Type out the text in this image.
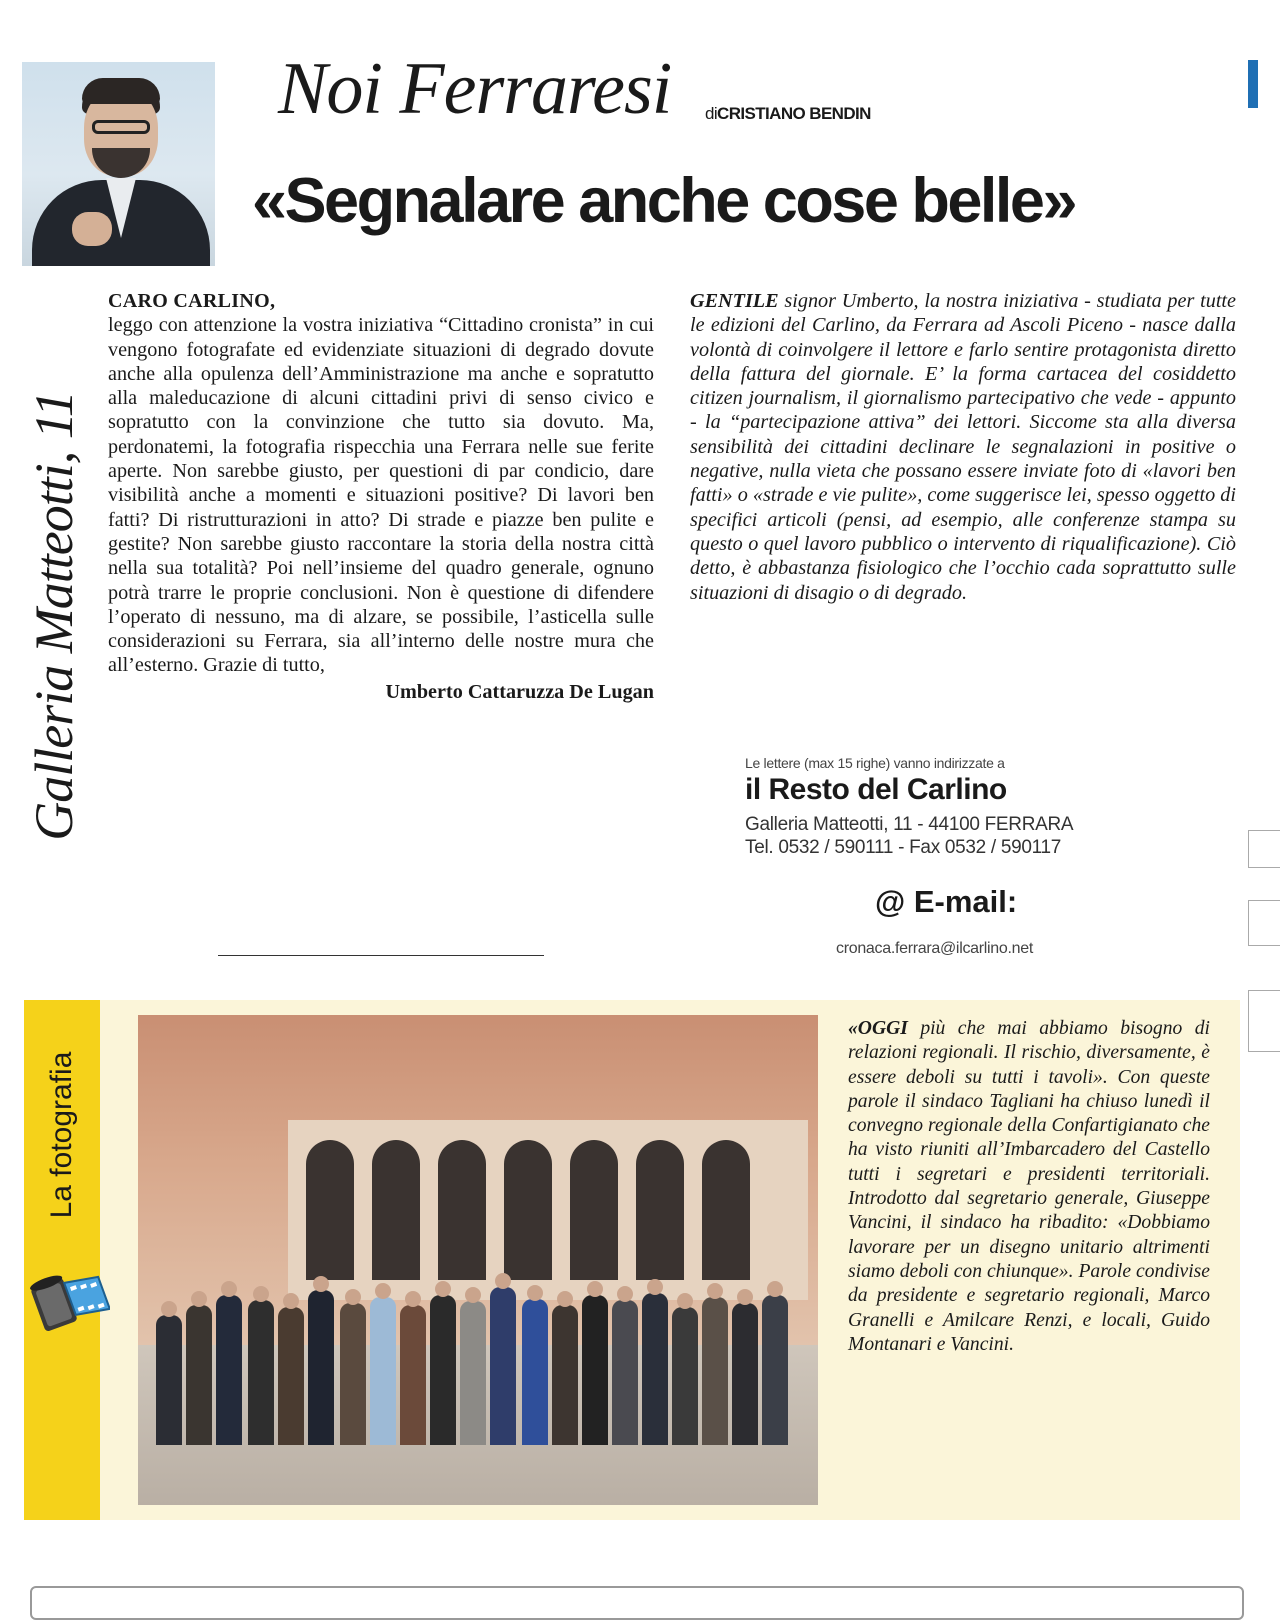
Noi Ferraresi diCRISTIANO BENDIN
«Segnalare anche cose belle»
Galleria Matteotti, 11
CARO CARLINO,
leggo con attenzione la vostra iniziativa “Cittadino cronista” in cui vengono fotografate ed evidenziate situazioni di degrado dovute anche alla opulenza dell’Amministrazione ma anche e sopratutto alla maleducazione di alcuni cittadini privi di senso civico e sopratutto con la convinzione che tutto sia dovuto. Ma, perdonatemi, la fotografia rispecchia una Ferrara nelle sue ferite aperte. Non sarebbe giusto, per questioni di par condicio, dare visibilità anche a momenti e situazioni positive? Di lavori ben fatti? Di ristrutturazioni in atto? Di strade e piazze ben pulite e gestite? Non sarebbe giusto raccontare la storia della nostra città nella sua totalità? Poi nell’insieme del quadro generale, ognuno potrà trarre le proprie conclusioni. Non è questione di difendere l’operato di nessuno, ma di alzare, se possibile, l’asticella sulle considerazioni su Ferrara, sia all’interno delle nostre mura che all’esterno. Grazie di tutto,
Umberto Cattaruzza De Lugan
GENTILE signor Umberto, la nostra iniziativa - studiata per tutte le edizioni del Carlino, da Ferrara ad Ascoli Piceno - nasce dalla volontà di coinvolgere il lettore e farlo sentire protagonista diretto della fattura del giornale. E’ la forma cartacea del cosiddetto citizen journalism, il giornalismo partecipativo che vede - appunto - la “partecipazione attiva” dei lettori. Siccome sta alla diversa sensibilità dei cittadini declinare le segnalazioni in positive o negative, nulla vieta che possano essere inviate foto di «lavori ben fatti» o «strade e vie pulite», come suggerisce lei, spesso oggetto di specifici articoli (pensi, ad esempio, alle conferenze stampa su questo o quel lavoro pubblico o intervento di riqualificazione). Ciò detto, è abbastanza fisiologico che l’occhio cada soprattutto sulle situazioni di disagio o di degrado.
Le lettere (max 15 righe) vanno indirizzate a
il Resto del Carlino
Galleria Matteotti, 11 - 44100 FERRARA
Tel. 0532 / 590111 - Fax 0532 / 590117
@ E-mail:
cronaca.ferrara@ilcarlino.net
La fotografia
«OGGI più che mai abbiamo bisogno di relazioni regionali. Il rischio, diversamente, è essere deboli su tutti i tavoli». Con queste parole il sindaco Tagliani ha chiuso lunedì il convegno regionale della Confartigianato che ha visto riuniti all’Imbarcadero del Castello tutti i segretari e presidenti territoriali. Introdotto dal segretario generale, Giuseppe Vancini, il sindaco ha ribadito: «Dobbiamo lavorare per un disegno unitario altrimenti siamo deboli con chiunque». Parole condivise da presidente e segretario regionali, Marco Granelli e Amilcare Renzi, e locali, Guido Montanari e Vancini.
